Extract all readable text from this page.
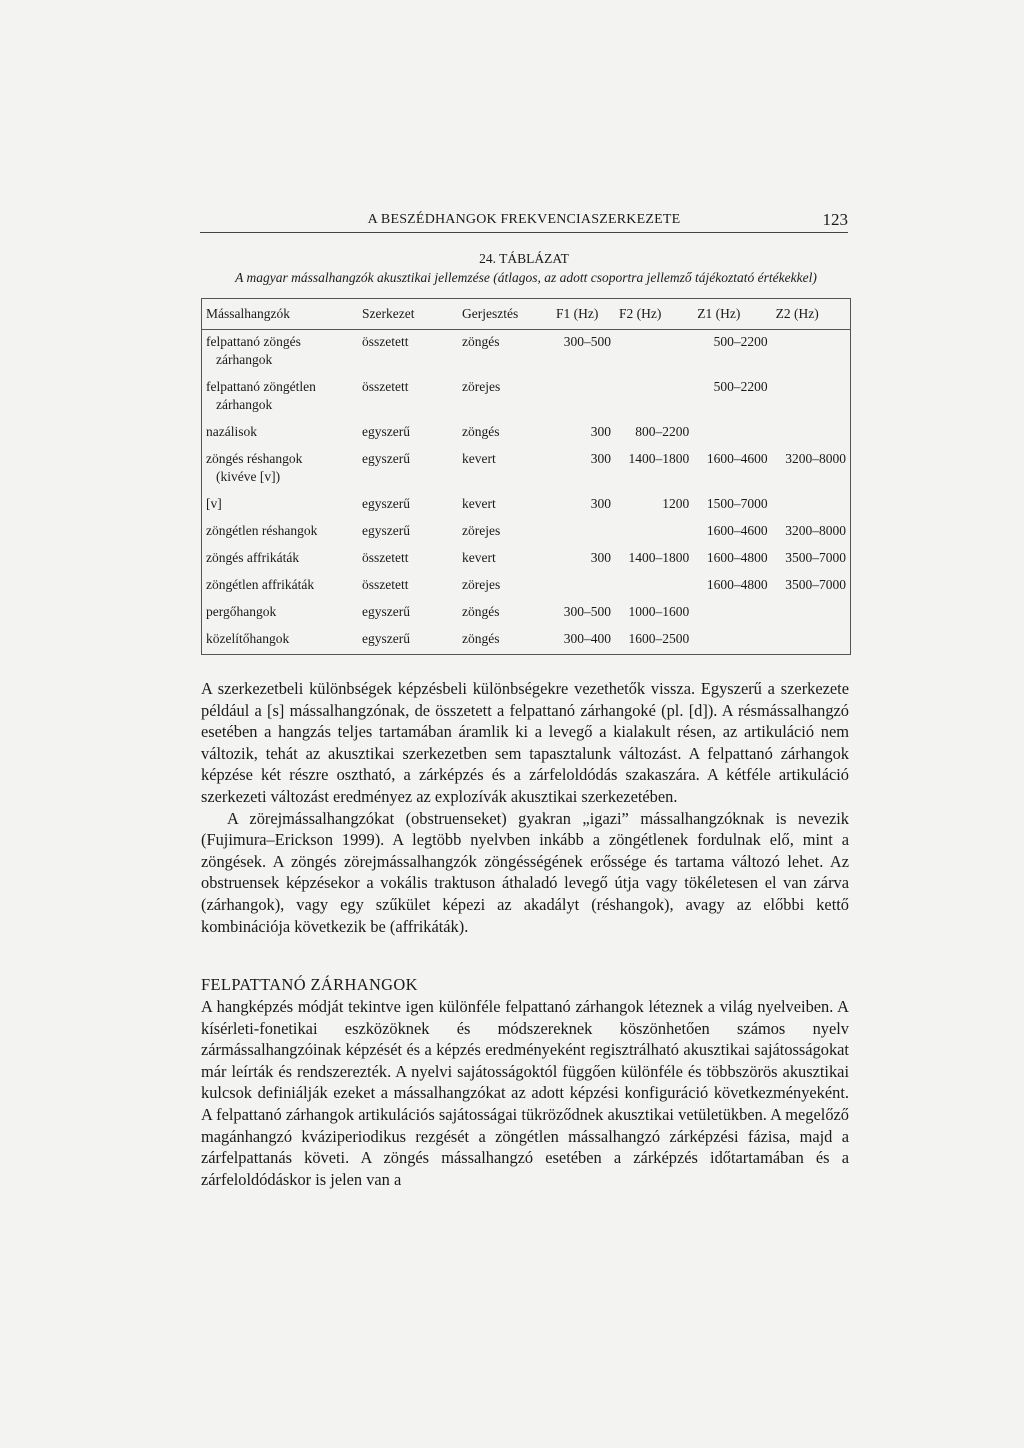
A BESZÉDHANGOK FREKVENCIASZERKEZETE	123
24. TÁBLÁZAT
A magyar mássalhangzók akusztikai jellemzése (átlagos, az adott csoportra jellemző tájékoztató értékekkel)
Mássalhangzók	Szerkezet	Gerjesztés	F1 (Hz)	F2 (Hz)	Z1 (Hz)	Z2 (Hz)
felpattanó zöngés
zárhangok	összetett	zöngés	300–500		500–2200	
felpattanó zöngétlen
zárhangok	összetett	zörejes			500–2200	
nazálisok	egyszerű	zöngés	300	800–2200		
zöngés réshangok
(kivéve [v])	egyszerű	kevert	300	1400–1800	1600–4600	3200–8000
[v]	egyszerű	kevert	300	1200	1500–7000	
zöngétlen réshangok	egyszerű	zörejes			1600–4600	3200–8000
zöngés affrikáták	összetett	kevert	300	1400–1800	1600–4800	3500–7000
zöngétlen affrikáták	összetett	zörejes			1600–4800	3500–7000
pergőhangok	egyszerű	zöngés	300–500	1000–1600		
közelítőhangok	egyszerű	zöngés	300–400	1600–2500		

A szerkezetbeli különbségek képzésbeli különbségekre vezethetők vissza. Egyszerű a szerkezete például a [s] mássalhangzónak, de összetett a felpattanó zárhangoké (pl. [d]). A résmássalhangzó esetében a hangzás teljes tartamában áramlik ki a levegő a kialakult résen, az artikuláció nem változik, tehát az akusztikai szerkezetben sem tapasztalunk változást. A felpattanó zárhangok képzése két részre osztható, a zárképzés és a zárfeloldódás szakaszára. A kétféle artikuláció szerkezeti változást eredményez az explozívák akusztikai szerkezetében.

A zörejmássalhangzókat (obstruenseket) gyakran „igazi” mássalhangzóknak is nevezik (Fujimura–Erickson 1999). A legtöbb nyelvben inkább a zöngétlenek fordulnak elő, mint a zöngések. A zöngés zörejmássalhangzók zöngésségének erőssége és tartama változó lehet. Az obstruensek képzésekor a vokális traktuson áthaladó levegő útja vagy tökéletesen el van zárva (zárhangok), vagy egy szűkület képezi az akadályt (réshangok), avagy az előbbi kettő kombinációja következik be (affrikáták).

FELPATTANÓ ZÁRHANGOK

A hangképzés módját tekintve igen különféle felpattanó zárhangok léteznek a világ nyelveiben. A kísérleti-fonetikai eszközöknek és módszereknek köszönhetően számos nyelv zármássalhangzóinak képzését és a képzés eredményeként regisztrálható akusztikai sajátosságokat már leírták és rendszerezték. A nyelvi sajátosságoktól függően különféle és többszörös akusztikai kulcsok definiálják ezeket a mássalhangzókat az adott képzési konfiguráció következményeként. A felpattanó zárhangok artikulációs sajátosságai tükröződnek akusztikai vetületükben. A megelőző magánhangzó kváziperiodikus rezgését a zöngétlen mássalhangzó zárképzési fázisa, majd a zárfelpattanás követi. A zöngés mássalhangzó esetében a zárképzés időtartamában és a zárfeloldódáskor is jelen van a
